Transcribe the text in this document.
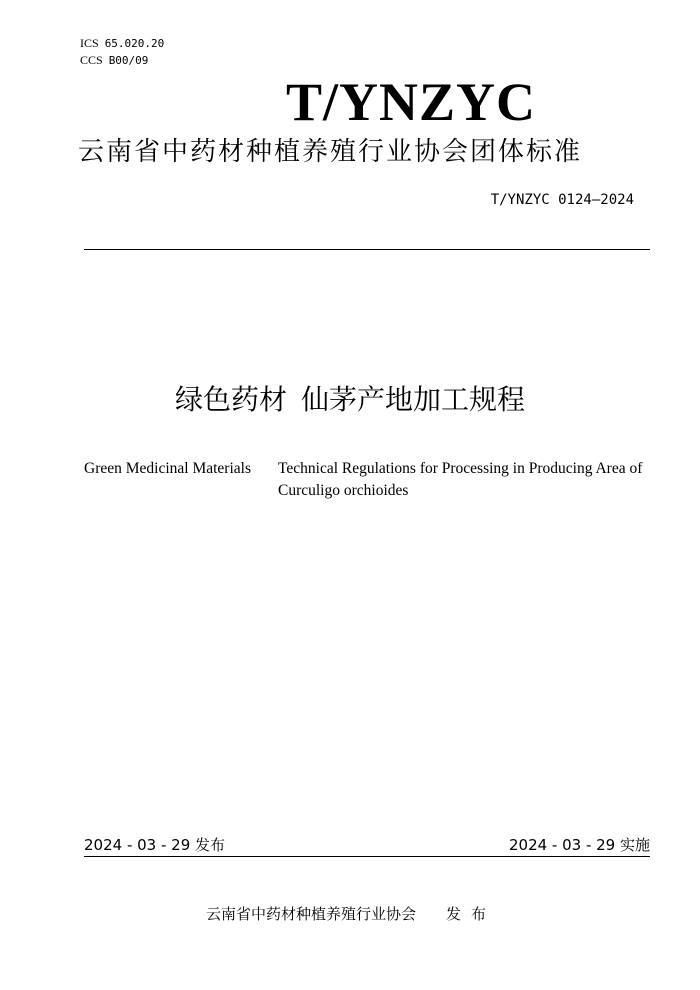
ICS 65.020.20
CCS B00/09
T/YNZYC
云南省中药材种植养殖行业协会团体标准
T/YNZYC 0124—2024
绿色药材 仙茅产地加工规程
Green Medicinal Materials Technical Regulations for Processing in Producing Area of Curculigo orchioides
2024 - 03 - 29 发布	2024 - 03 - 29 实施
云南省中药材种植养殖行业协会 发布
